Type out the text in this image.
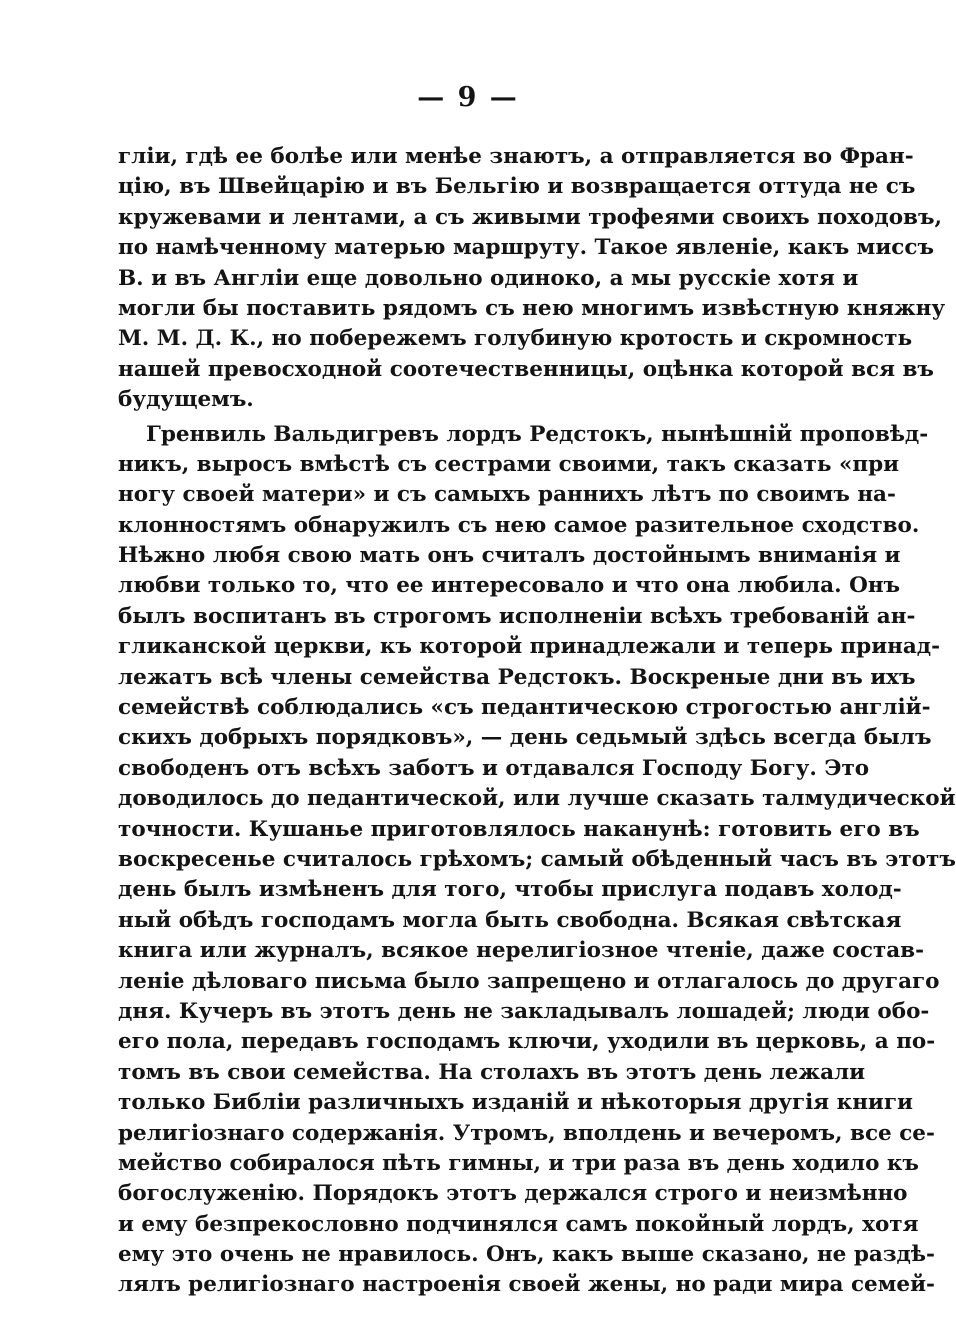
— 9 —
гліи, гдѣ ее болѣе или менѣе знаютъ, а отправляется во Фран-
цію, въ Швейцарію и въ Бельгію и возвращается оттуда не съ
кружевами и лентами, а съ живыми трофеями своихъ походовъ,
по намѣченному матерью маршруту. Такое явленіе, какъ миссъ
В. и въ Англіи еще довольно одиноко, а мы русскіе хотя и
могли бы поставить рядомъ съ нею многимъ извѣстную княжну
М. М. Д. К., но побережемъ голубиную кротость и скромность
нашей превосходной соотечественницы, оцѣнка которой вся въ
будущемъ.
Гренвиль Вальдигревъ лордъ Редстокъ, нынѣшній проповѣд-
никъ, выросъ вмѣстѣ съ сестрами своими, такъ сказать «при
ногу своей матери» и съ самыхъ раннихъ лѣтъ по своимъ на-
клонностямъ обнаружилъ съ нею самое разительное сходство.
Нѣжно любя свою мать онъ считалъ достойнымъ вниманія и
любви только то, что ее интересовало и что она любила. Онъ
былъ воспитанъ въ строгомъ исполненіи всѣхъ требованій ан-
гликанской церкви, къ которой принадлежали и теперь принад-
лежатъ всѣ члены семейства Редстокъ. Воскреные дни въ ихъ
семействѣ соблюдались «съ педантическою строгостью англій-
скихъ добрыхъ порядковъ», — день седьмый здѣсь всегда былъ
свободенъ отъ всѣхъ заботъ и отдавался Господу Богу. Это
доводилось до педантической, или лучше сказать талмудической
точности. Кушанье приготовлялось наканунѣ: готовить его въ
воскресенье считалось грѣхомъ; самый обѣденный часъ въ этотъ
день былъ измѣненъ для того, чтобы прислуга подавъ холод-
ный обѣдъ господамъ могла быть свободна. Всякая свѣтская
книга или журналъ, всякое нерелигіозное чтеніе, даже состав-
леніе дѣловаго письма было запрещено и отлагалось до другаго
дня. Кучеръ въ этотъ день не закладывалъ лошадей; люди обо-
его пола, передавъ господамъ ключи, уходили въ церковь, а по-
томъ въ свои семейства. На столахъ въ этотъ день лежали
только Библіи различныхъ изданій и нѣкоторыя другія книги
религіознаго содержанія. Утромъ, вполдень и вечеромъ, все се-
мейство собиралося пѣть гимны, и три раза въ день ходило къ
богослуженію. Порядокъ этотъ держался строго и неизмѣнно
и ему безпрекословно подчинялся самъ покойный лордъ, хотя
ему это очень не нравилось. Онъ, какъ выше сказано, не раздѣ-
лялъ религіознаго настроенія своей жены, но ради мира семей-
